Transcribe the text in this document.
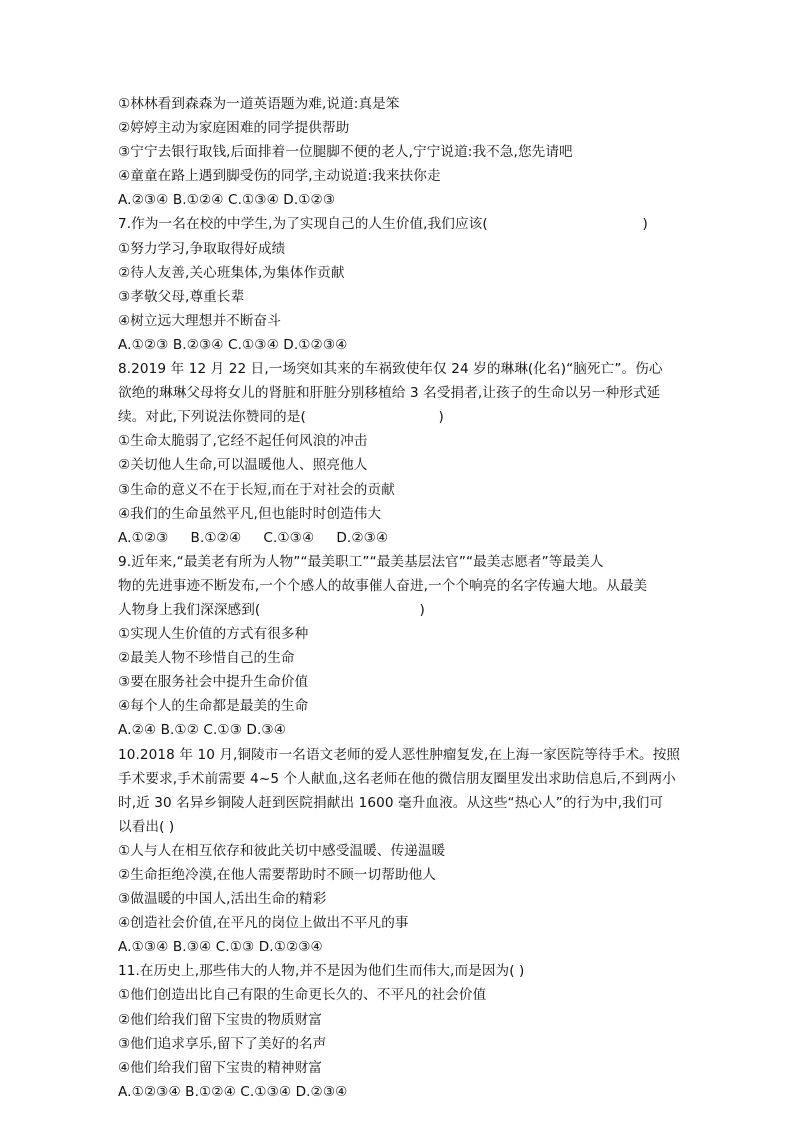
①林林看到森森为一道英语题为难,说道:真是笨
②婷婷主动为家庭困难的同学提供帮助
③宁宁去银行取钱,后面排着一位腿脚不便的老人,宁宁说道:我不急,您先请吧
④童童在路上遇到脚受伤的同学,主动说道:我来扶你走
A.②③④ B.①②④ C.①③④ D.①②③
7.作为一名在校的中学生,为了实现自己的人生价值,我们应该(                                   )
①努力学习,争取取得好成绩
②待人友善,关心班集体,为集体作贡献
③孝敬父母,尊重长辈
④树立远大理想并不断奋斗
A.①②③ B.②③④ C.①③④ D.①②③④
8.2019 年 12 月 22 日,一场突如其来的车祸致使年仅 24 岁的琳琳(化名)“脑死亡”。伤心
欲绝的琳琳父母将女儿的肾脏和肝脏分别移植给 3 名受捐者,让孩子的生命以另一种形式延
续。对此,下列说法你赞同的是(                              )
①生命太脆弱了,它经不起任何风浪的冲击
②关切他人生命,可以温暖他人、照亮他人
③生命的意义不在于长短,而在于对社会的贡献
④我们的生命虽然平凡,但也能时时创造伟大
A.①②③     B.①②④     C.①③④     D.②③④
9.近年来,“最美老有所为人物”“最美职工”“最美基层法官”“最美志愿者”等最美人
物的先进事迹不断发布,一个个感人的故事催人奋进,一个个响亮的名字传遍大地。从最美
人物身上我们深深感到(                                    )
①实现人生价值的方式有很多种
②最美人物不珍惜自己的生命
③要在服务社会中提升生命价值
④每个人的生命都是最美的生命
A.②④ B.①② C.①③ D.③④
10.2018 年 10 月,铜陵市一名语文老师的爱人恶性肿瘤复发,在上海一家医院等待手术。按照
手术要求,手术前需要 4~5 个人献血,这名老师在他的微信朋友圈里发出求助信息后,不到两小
时,近 30 名异乡铜陵人赶到医院捐献出 1600 毫升血液。从这些“热心人”的行为中,我们可
以看出( )
①人与人在相互依存和彼此关切中感受温暖、传递温暖
②生命拒绝冷漠,在他人需要帮助时不顾一切帮助他人
③做温暖的中国人,活出生命的精彩
④创造社会价值,在平凡的岗位上做出不平凡的事
A.①③④ B.③④ C.①③ D.①②③④
11.在历史上,那些伟大的人物,并不是因为他们生而伟大,而是因为( )
①他们创造出比自己有限的生命更长久的、不平凡的社会价值
②他们给我们留下宝贵的物质财富
③他们追求享乐,留下了美好的名声
④他们给我们留下宝贵的精神财富
A.①②③④ B.①②④ C.①③④ D.②③④
